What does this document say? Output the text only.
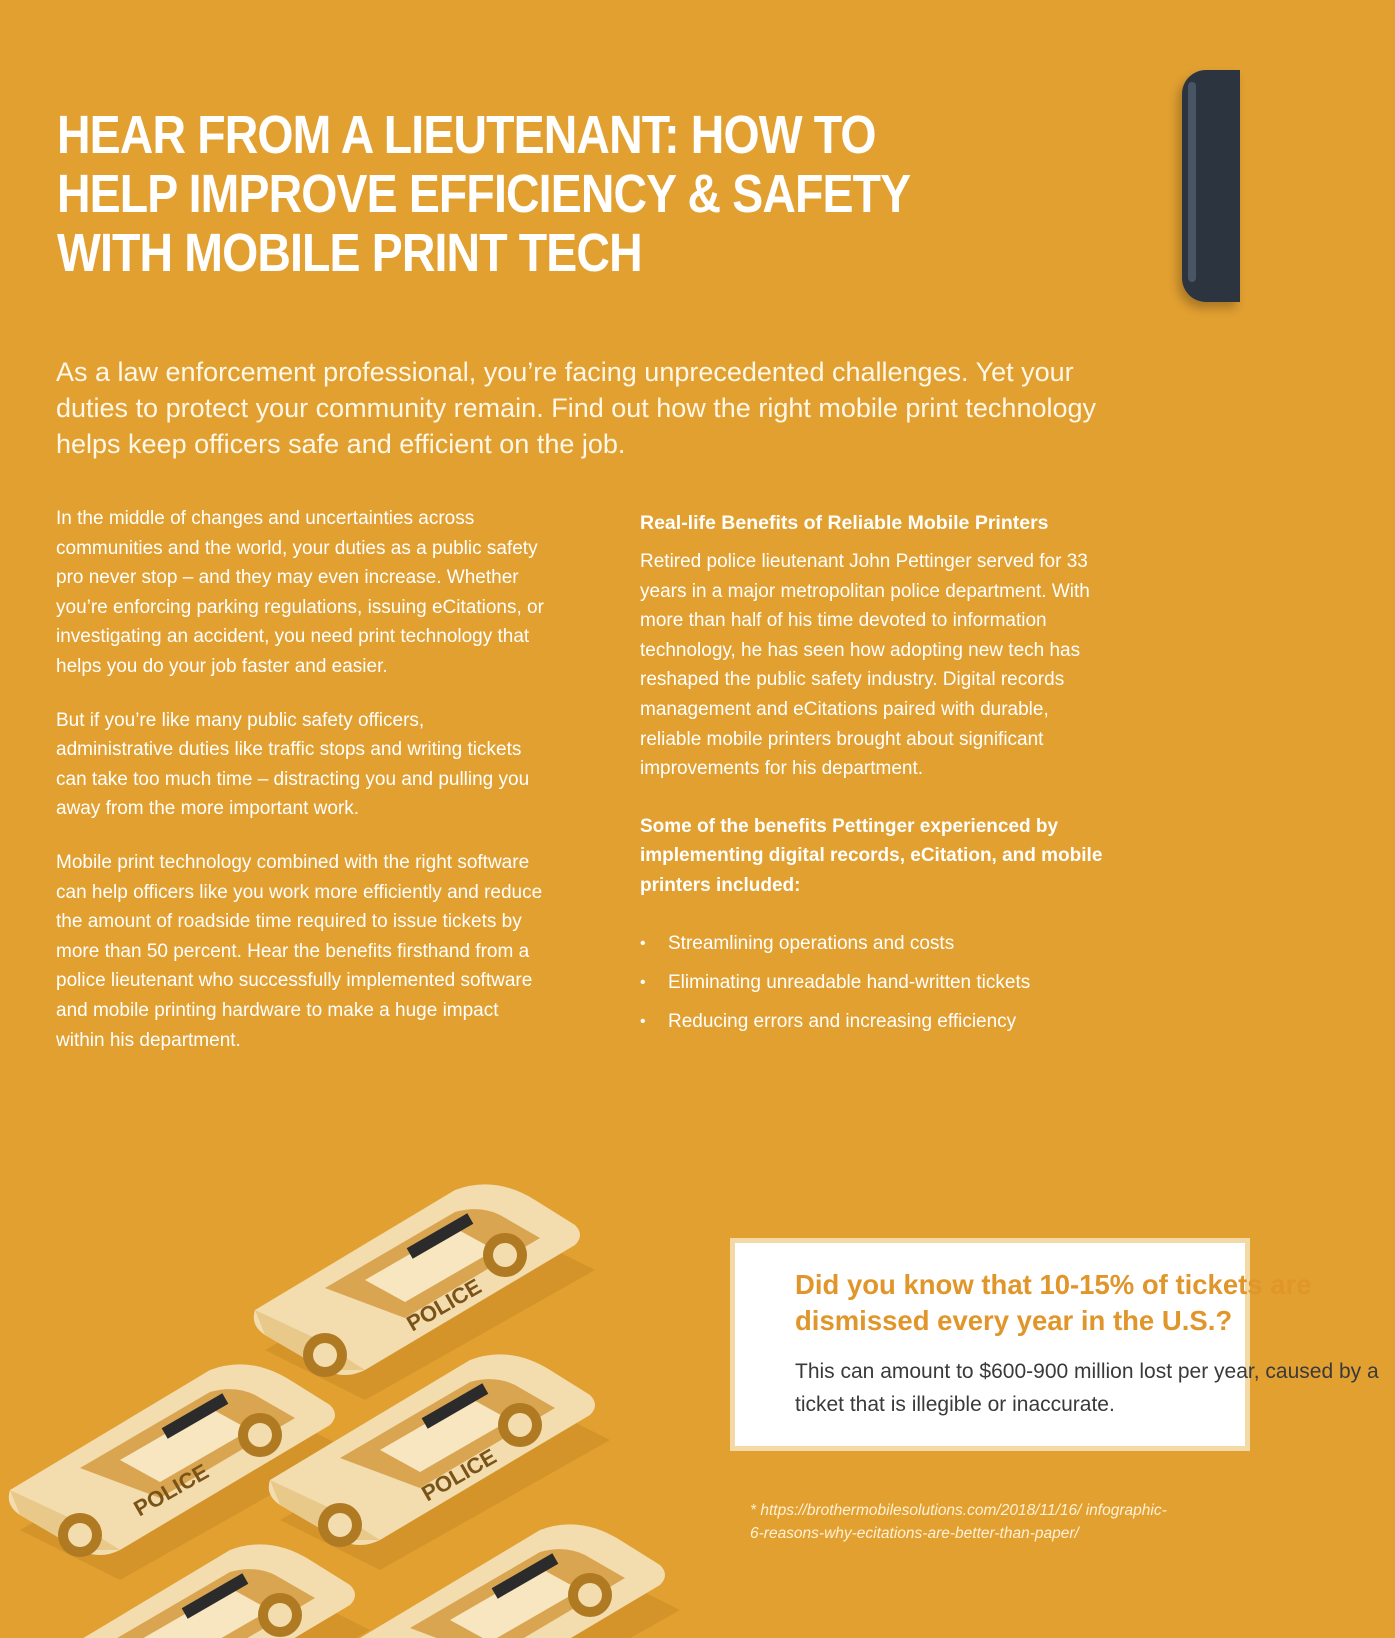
HEAR FROM A LIEUTENANT: HOW TO HELP IMPROVE EFFICIENCY & SAFETY WITH MOBILE PRINT TECH

As a law enforcement professional, you’re facing unprecedented challenges. Yet your duties to protect your community remain. Find out how the right mobile print technology helps keep officers safe and efficient on the job.

In the middle of changes and uncertainties across communities and the world, your duties as a public safety pro never stop – and they may even increase. Whether you’re enforcing parking regulations, issuing eCitations, or investigating an accident, you need print technology that helps you do your job faster and easier.

But if you’re like many public safety officers, administrative duties like traffic stops and writing tickets can take too much time – distracting you and pulling you away from the more important work.

Mobile print technology combined with the right software can help officers like you work more efficiently and reduce the amount of roadside time required to issue tickets by more than 50 percent. Hear the benefits firsthand from a police lieutenant who successfully implemented software and mobile printing hardware to make a huge impact within his department.

Real-life Benefits of Reliable Mobile Printers

Retired police lieutenant John Pettinger served for 33 years in a major metropolitan police department. With more than half of his time devoted to information technology, he has seen how adopting new tech has reshaped the public safety industry. Digital records management and eCitations paired with durable, reliable mobile printers brought about significant improvements for his department.

Some of the benefits Pettinger experienced by implementing digital records, eCitation, and mobile printers included:

• Streamlining operations and costs
• Eliminating unreadable hand-written tickets
• Reducing errors and increasing efficiency
POLICE
POLICE	POLICE

Did you know that 10-15% of tickets are dismissed every year in the U.S.?

This can amount to $600-900 million lost per year, caused by a ticket that is illegible or inaccurate.

* https://brothermobilesolutions.com/2018/11/16/ infographic-6-reasons-why-ecitations-are-better-than-paper/
